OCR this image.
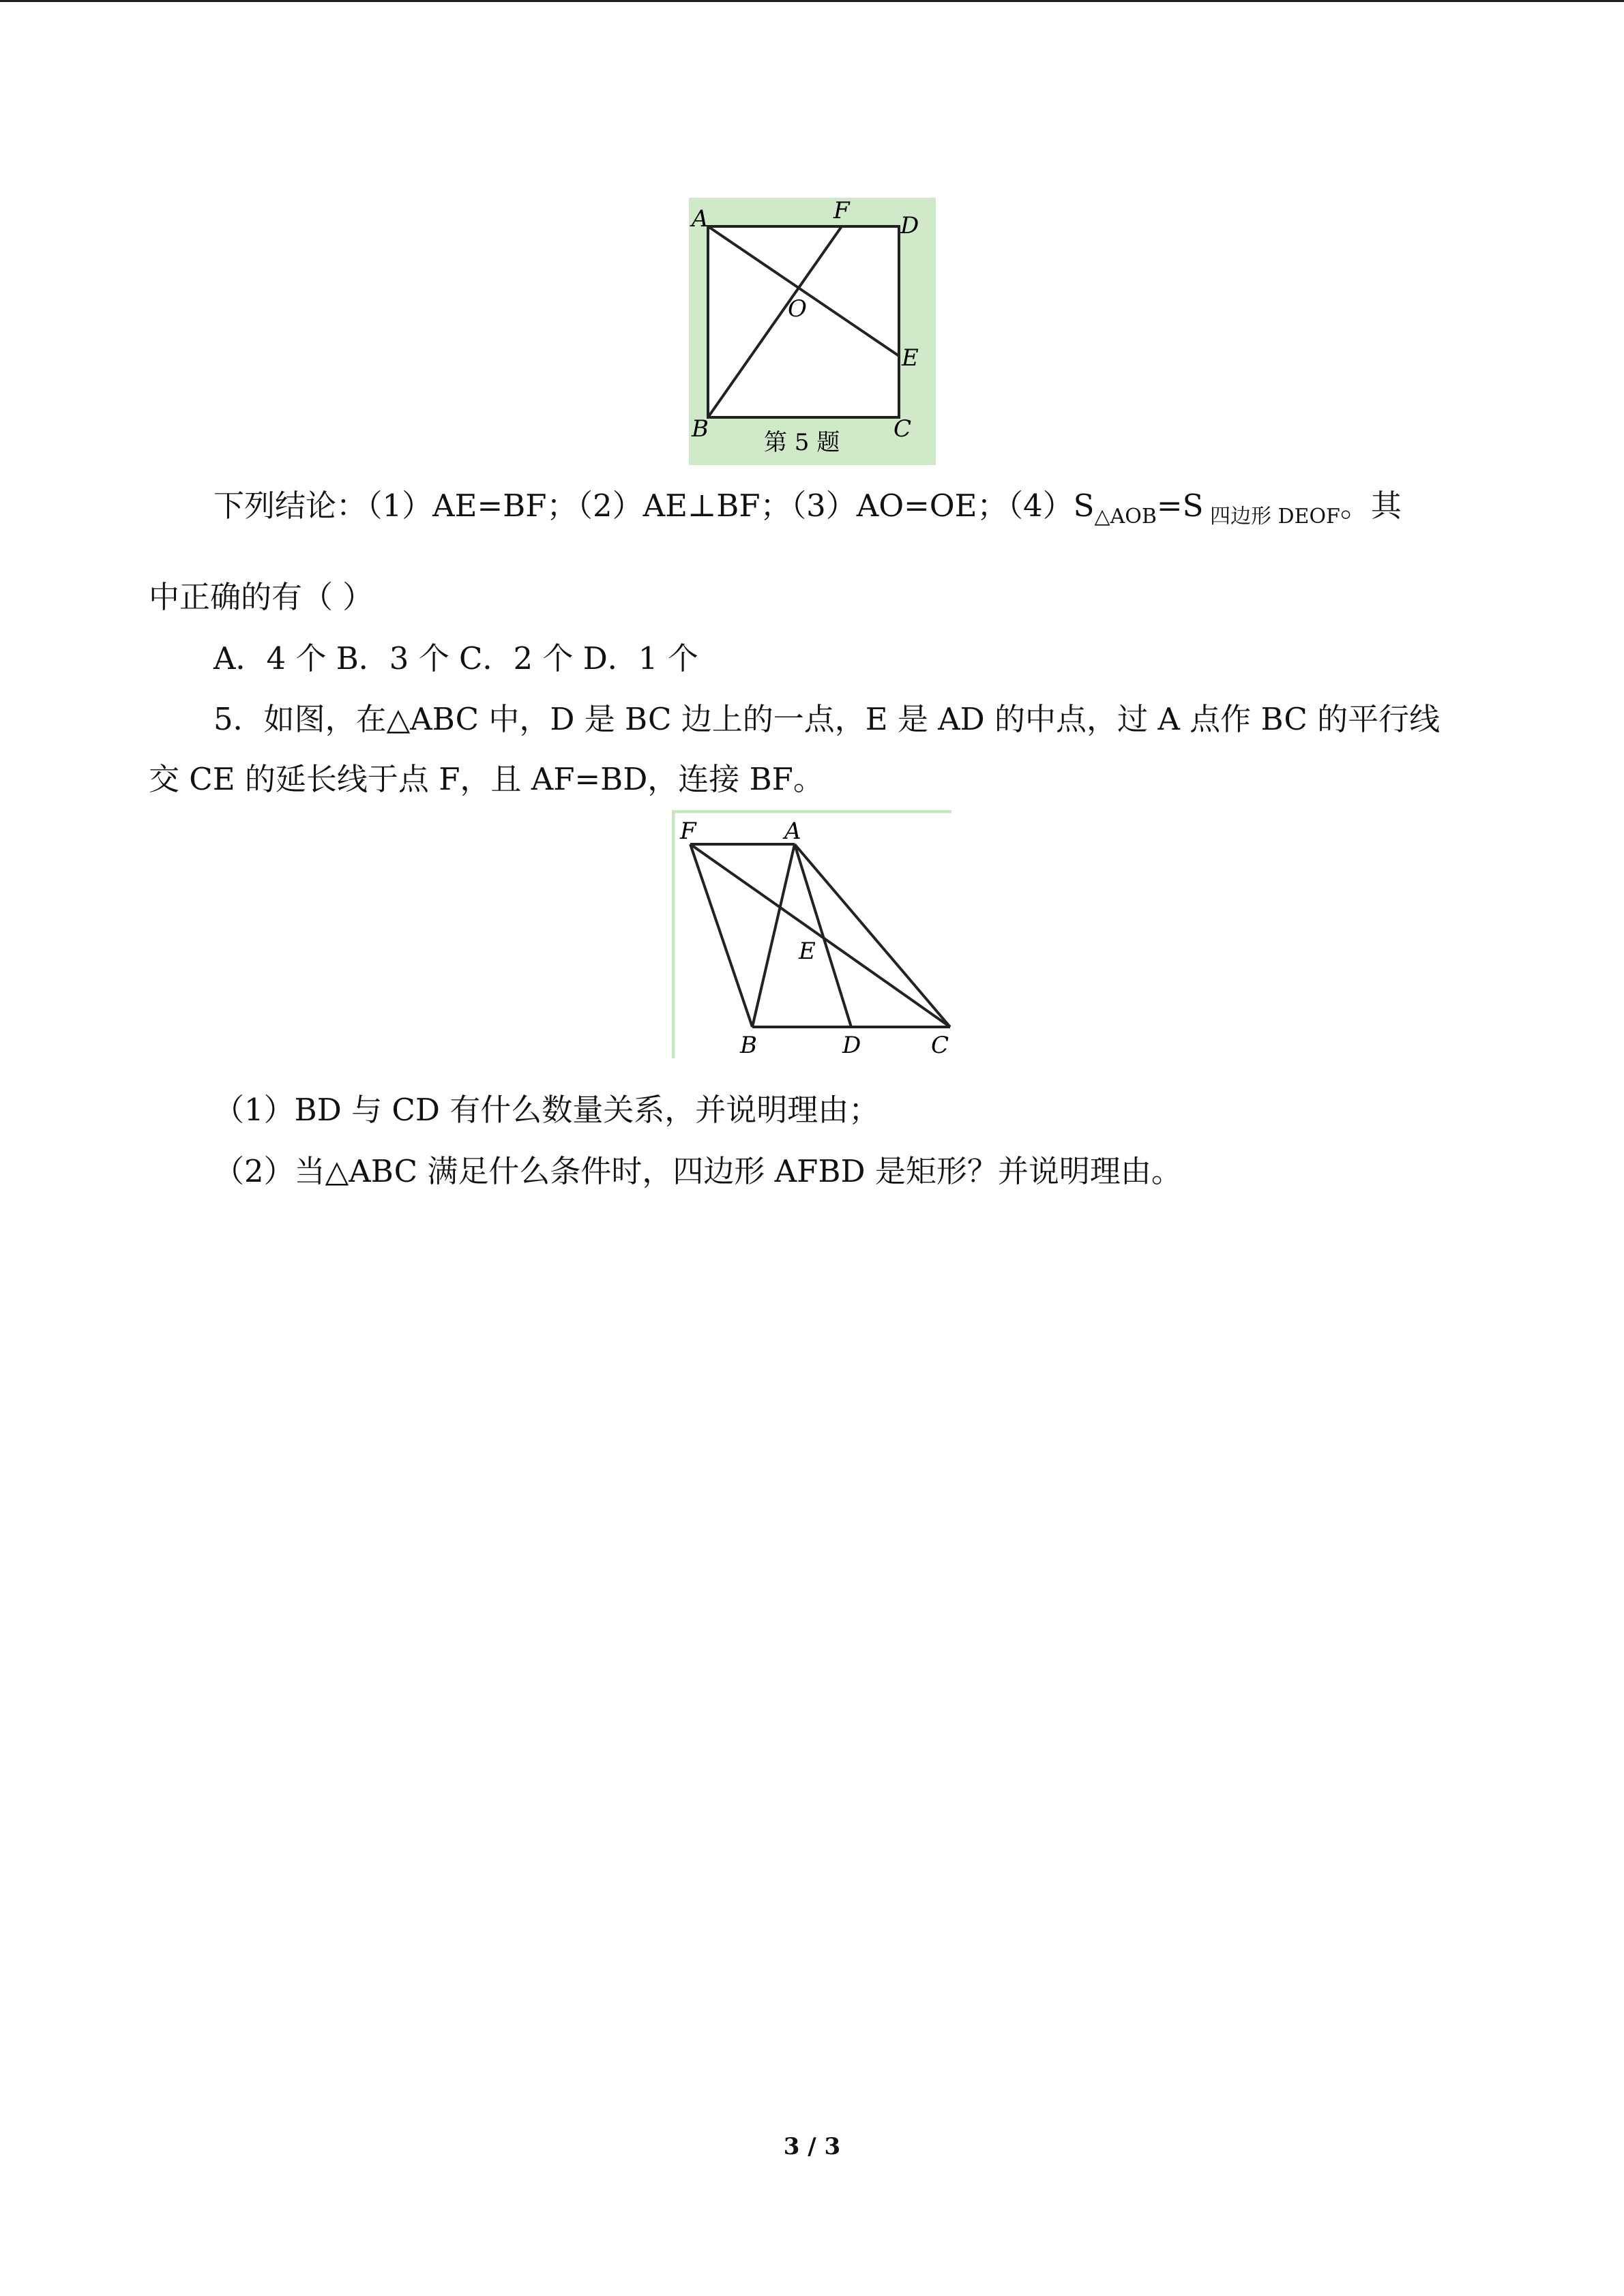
A	F
D
O
E
B	C
第 5 题
下列结论：（1）AE=BF；（2）AE⊥BF；（3）AO=OE；$(4)S_{\triangle AOB}=S$ $_{四边形 DEOF}$。其
中正确的有（ ）
A．4 个 B．3 个 C．2 个 D．1 个
5．如图，在△ABC 中，D 是 BC 边上的一点，E 是 AD 的中点，过 A 点作 BC 的平行线
交 CE 的延长线于点 F，且 AF=BD，连接 BF。
F	A
E
B	D	C
（1）BD 与 CD 有什么数量关系，并说明理由；
（2）当△ABC 满足什么条件时，四边形 AFBD 是矩形？并说明理由。
3 / 3
